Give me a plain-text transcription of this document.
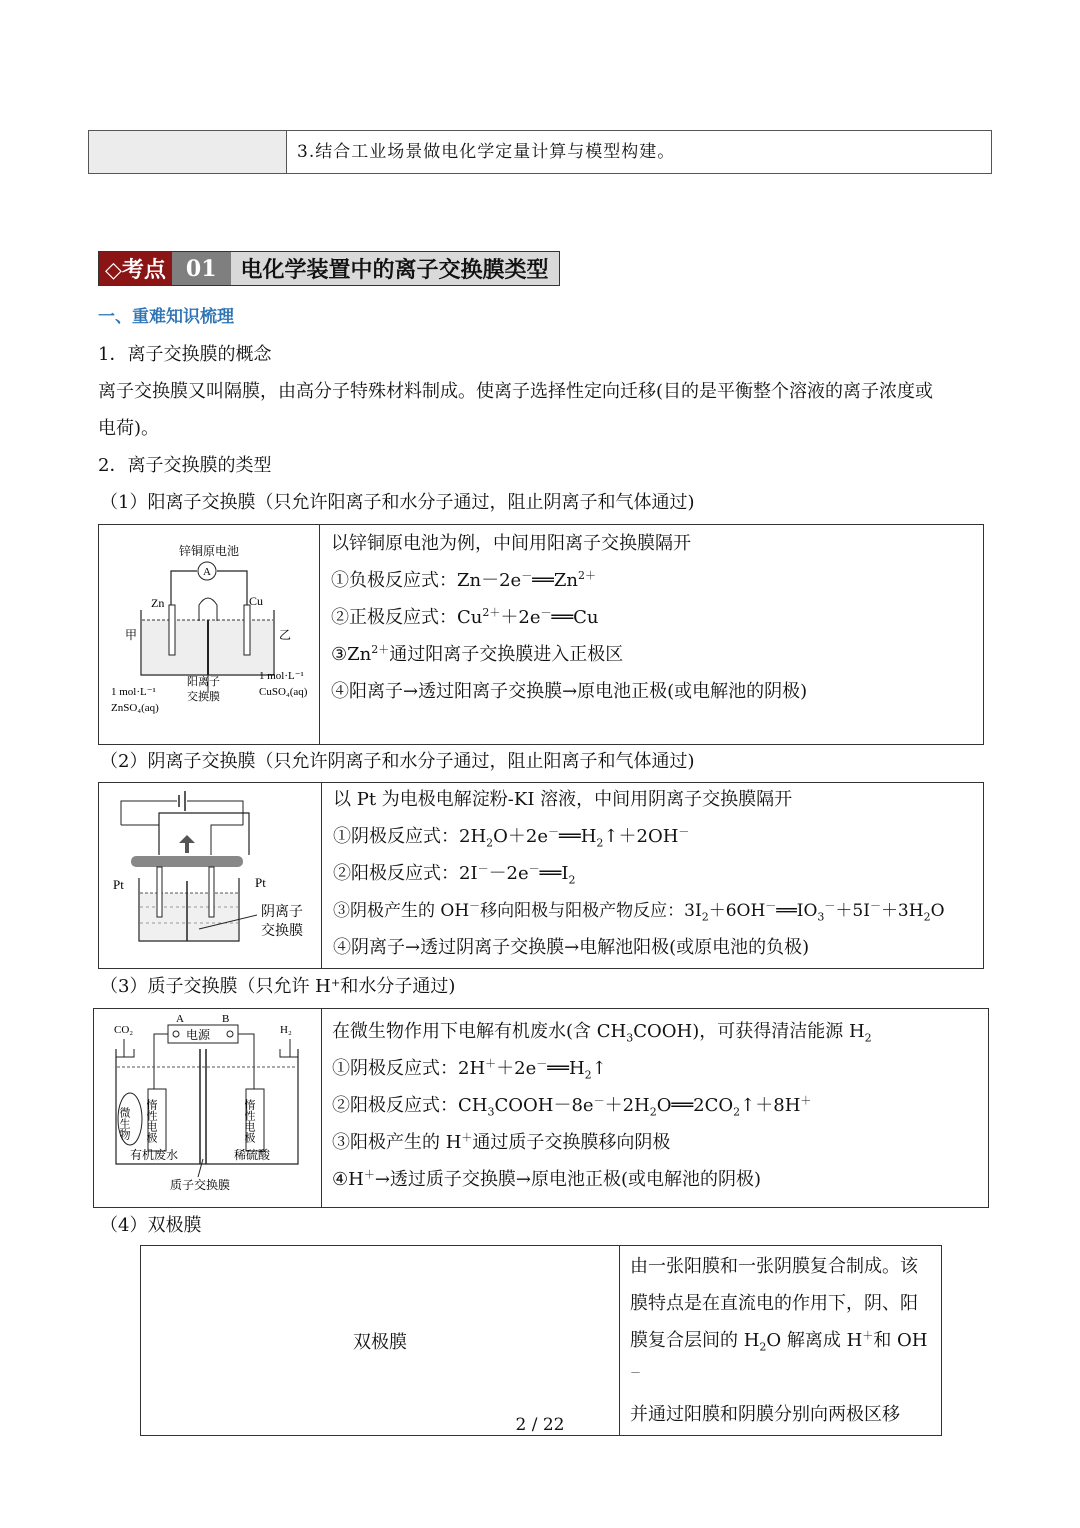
	3.结合工业场景做电化学定量计算与模型构建。
◇考点 01	电化学装置中的离子交换膜类型
一、重难知识梳理
1．离子交换膜的概念
离子交换膜又叫隔膜，由高分子特殊材料制成。使离子选择性定向迁移(目的是平衡整个溶液的离子浓度或
电荷)。
2．离子交换膜的类型
（1）阳离子交换膜（只允许阳离子和水分子通过，阻止阴离子和气体通过)
锌铜原电池
A
Zn	Cu
甲	乙
阳离子
交换膜
1 mol·L⁻¹
ZnSO₄(aq)
1 mol·L⁻¹
CuSO₄(aq)
以锌铜原电池为例，中间用阳离子交换膜隔开
①负极反应式：$Zn-2e^-══Zn^{2+}$
②正极反应式：$Cu^{2+}+2e^-══Cu$
$③Zn^{2+}$通过阳离子交换膜进入正极区
④阳离子→透过阳离子交换膜→原电池正极(或电解池的阴极)
（2）阴离子交换膜（只允许阴离子和水分子通过，阻止阳离子和气体通过)
Pt	Pt
阴离子
交换膜
以 Pt 为电极电解淀粉-KI 溶液，中间用阴离子交换膜隔开
①阴极反应式：$2H_2O+2e^-══H_2↑+2OH^-$
②阳极反应式：$2I^--2e^-══I_2$
③阴极产生的 OH－移向阳极与阳极产物反应：$3I_2+6OH^-══IO_3^-+5I^-+3H_2O$
④阴离子→透过阴离子交换膜→电解池阳极(或原电池的负极)
（3）质子交换膜（只允许 H⁺和水分子通过)
A	B
电源
CO₂	H₂
微生物 惰性电极	惰性电极
有机废水	稀硫酸
质子交换膜
在微生物作用下电解有机废水(含 $CH_3COOH$)，可获得清洁能源 $H_2$
①阴极反应式：$2H^++2e^-══H_2↑$
②阳极反应式：$CH_3COOH-8e^-+2H_2O══2CO_2↑+8H^+$
③阳极产生的 H＋通过质子交换膜移向阴极
④H＋→透过质子交换膜→原电池正极(或电解池的阴极)
（4）双极膜
双极膜	
由一张阳膜和一张阴膜复合制成。该
膜特点是在直流电的作用下，阴、阳
膜复合层间的 $H_2O$ 解离成 H＋和 OH－
并通过阳膜和阴膜分别向两极区移
2 / 22
